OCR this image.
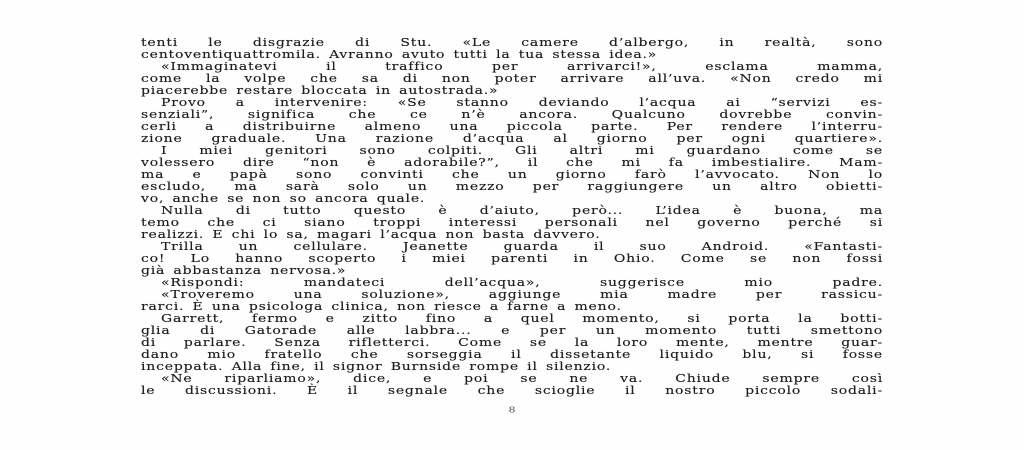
tenti le disgrazie di Stu. «Le camere d’albergo, in realtà, sono
centoventiquattromila. Avranno avuto tutti la tua stessa idea.»
«Immaginatevi il traffico per arrivarci!», esclama mamma,
come la volpe che sa di non poter arrivare all’uva. «Non credo mi
piacerebbe restare bloccata in autostrada.»
Provo a intervenire: «Se stanno deviando l’acqua ai “servizi es-
senziali”, significa che ce n’è ancora. Qualcuno dovrebbe convin-
cerli a distribuirne almeno una piccola parte. Per rendere l’interru-
zione graduale. Una razione d’acqua al giorno per ogni quartiere».
I miei genitori sono colpiti. Gli altri mi guardano come se
volessero dire “non è adorabile?”, il che mi fa imbestialire. Mam-
ma e papà sono convinti che un giorno farò l’avvocato. Non lo
escludo, ma sarà solo un mezzo per raggiungere un altro obietti-
vo, anche se non so ancora quale.
Nulla di tutto questo è d’aiuto, però... L’idea è buona, ma
temo che ci siano troppi interessi personali nel governo perché si
realizzi. E chi lo sa, magari l’acqua non basta davvero.
Trilla un cellulare. Jeanette guarda il suo Android. «Fantasti-
co! Lo hanno scoperto i miei parenti in Ohio. Come se non fossi
già abbastanza nervosa.»
«Rispondi: mandateci dell’acqua», suggerisce mio padre.
«Troveremo una soluzione», aggiunge mia madre per rassicu-
rarci. È una psicologa clinica, non riesce a farne a meno.
Garrett, fermo e zitto fino a quel momento, si porta la botti-
glia di Gatorade alle labbra... e per un momento tutti smettono
di parlare. Senza rifletterci. Come se la loro mente, mentre guar-
dano mio fratello che sorseggia il dissetante liquido blu, si fosse
inceppata. Alla fine, il signor Burnside rompe il silenzio.
«Ne riparliamo», dice, e poi se ne va. Chiude sempre così
le discussioni. È il segnale che scioglie il nostro piccolo sodali-
8
